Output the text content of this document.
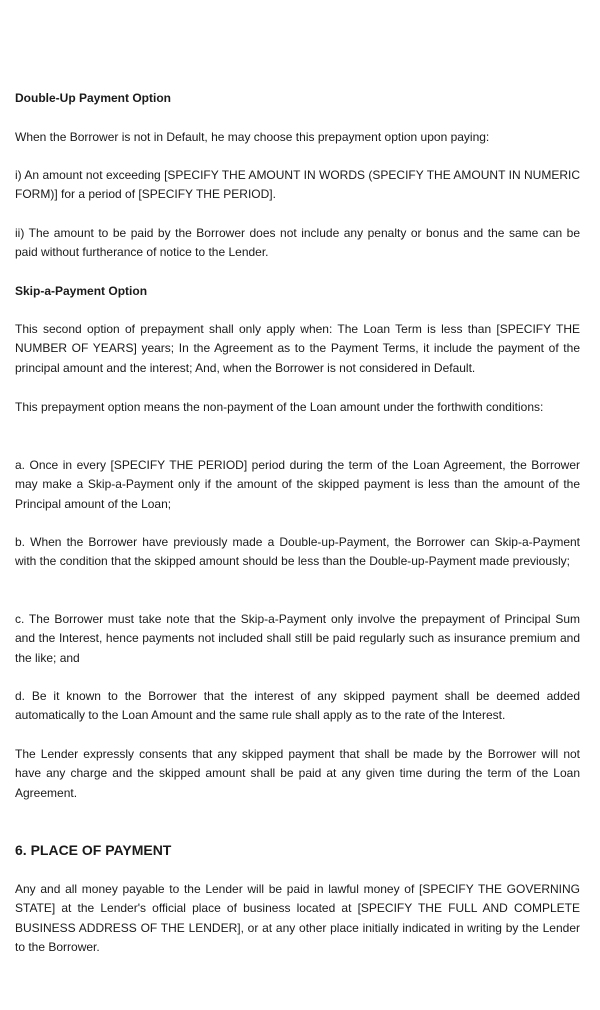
Double-Up Payment Option

When the Borrower is not in Default, he may choose this prepayment option upon paying:

i) An amount not exceeding [SPECIFY THE AMOUNT IN WORDS (SPECIFY THE AMOUNT IN NUMERIC FORM)] for a period of [SPECIFY THE PERIOD].

ii) The amount to be paid by the Borrower does not include any penalty or bonus and the same can be paid without furtherance of notice to the Lender.

Skip-a-Payment Option

This second option of prepayment shall only apply when: The Loan Term is less than [SPECIFY THE NUMBER OF YEARS] years; In the Agreement as to the Payment Terms, it include the payment of the principal amount and the interest; And, when the Borrower is not considered in Default.

This prepayment option means the non-payment of the Loan amount under the forthwith conditions:

a. Once in every [SPECIFY THE PERIOD] period during the term of the Loan Agreement, the Borrower may make a Skip-a-Payment only if the amount of the skipped payment is less than the amount of the Principal amount of the Loan;

b. When the Borrower have previously made a Double-up-Payment, the Borrower can Skip-a-Payment with the condition that the skipped amount should be less than the Double-up-Payment made previously;

c. The Borrower must take note that the Skip-a-Payment only involve the prepayment of Principal Sum and the Interest, hence payments not included shall still be paid regularly such as insurance premium and the like; and

d. Be it known to the Borrower that the interest of any skipped payment shall be deemed added automatically to the Loan Amount and the same rule shall apply as to the rate of the Interest.

The Lender expressly consents that any skipped payment that shall be made by the Borrower will not have any charge and the skipped amount shall be paid at any given time during the term of the Loan Agreement.

6. PLACE OF PAYMENT

Any and all money payable to the Lender will be paid in lawful money of [SPECIFY THE GOVERNING STATE] at the Lender's official place of business located at [SPECIFY THE FULL AND COMPLETE BUSINESS ADDRESS OF THE LENDER], or at any other place initially indicated in writing by the Lender to the Borrower.
